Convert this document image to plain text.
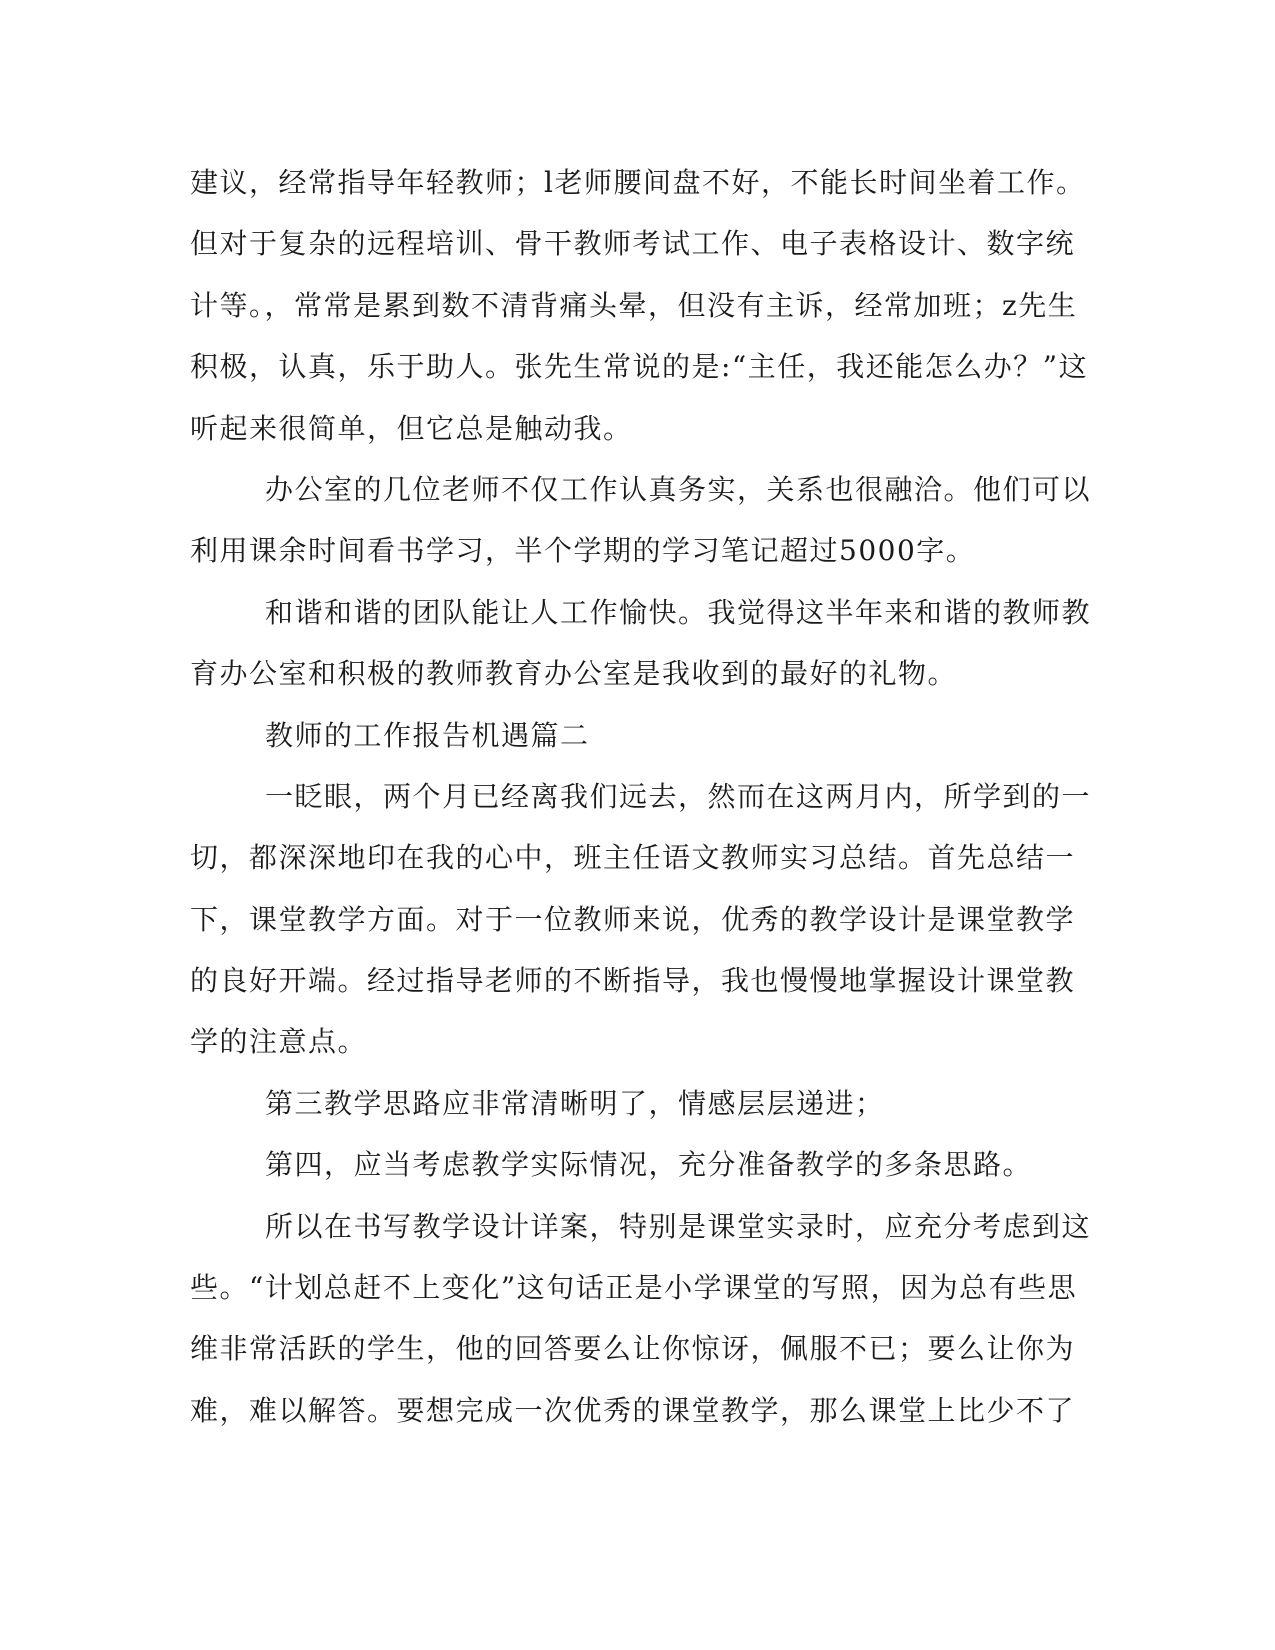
建议，经常指导年轻教师；l老师腰间盘不好，不能长时间坐着工作。
但对于复杂的远程培训、骨干教师考试工作、电子表格设计、数字统
计等。，常常是累到数不清背痛头晕，但没有主诉，经常加班；z先生
积极，认真，乐于助人。张先生常说的是:“主任，我还能怎么办？”这
听起来很简单，但它总是触动我。
办公室的几位老师不仅工作认真务实，关系也很融洽。他们可以
利用课余时间看书学习，半个学期的学习笔记超过5000字。
和谐和谐的团队能让人工作愉快。我觉得这半年来和谐的教师教
育办公室和积极的教师教育办公室是我收到的最好的礼物。
教师的工作报告机遇篇二
一眨眼，两个月已经离我们远去，然而在这两月内，所学到的一
切，都深深地印在我的心中，班主任语文教师实习总结。首先总结一
下，课堂教学方面。对于一位教师来说，优秀的教学设计是课堂教学
的良好开端。经过指导老师的不断指导，我也慢慢地掌握设计课堂教
学的注意点。
第三教学思路应非常清晰明了，情感层层递进；
第四，应当考虑教学实际情况，充分准备教学的多条思路。
所以在书写教学设计详案，特别是课堂实录时，应充分考虑到这
些。“计划总赶不上变化”这句话正是小学课堂的写照，因为总有些思
维非常活跃的学生，他的回答要么让你惊讶，佩服不已；要么让你为
难，难以解答。要想完成一次优秀的课堂教学，那么课堂上比少不了
